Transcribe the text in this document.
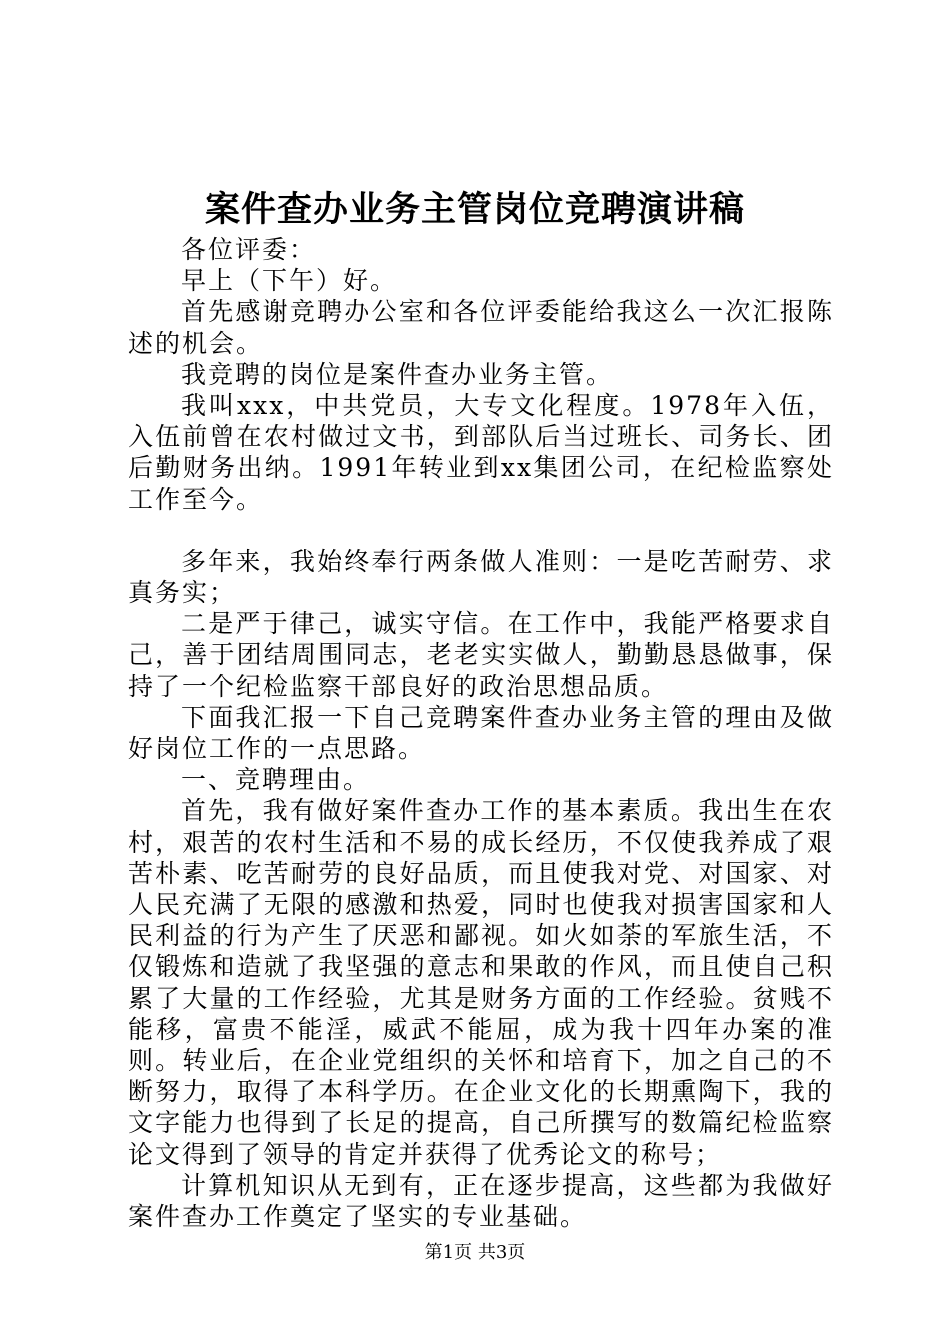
案件查办业务主管岗位竞聘演讲稿

各位评委：

早上（下午）好。

首先感谢竞聘办公室和各位评委能给我这么一次汇报陈述的机会。

我竞聘的岗位是案件查办业务主管。

我叫xxx，中共党员，大专文化程度。1978年入伍，入伍前曾在农村做过文书，到部队后当过班长、司务长、团后勤财务出纳。1991年转业到xx集团公司，在纪检监察处工作至今。

多年来，我始终奉行两条做人准则：一是吃苦耐劳、求真务实；

二是严于律己，诚实守信。在工作中，我能严格要求自己，善于团结周围同志，老老实实做人，勤勤恳恳做事，保持了一个纪检监察干部良好的政治思想品质。

下面我汇报一下自己竞聘案件查办业务主管的理由及做好岗位工作的一点思路。

一、竞聘理由。

首先，我有做好案件查办工作的基本素质。我出生在农村，艰苦的农村生活和不易的成长经历，不仅使我养成了艰苦朴素、吃苦耐劳的良好品质，而且使我对党、对国家、对人民充满了无限的感激和热爱，同时也使我对损害国家和人民利益的行为产生了厌恶和鄙视。如火如荼的军旅生活，不仅锻炼和造就了我坚强的意志和果敢的作风，而且使自己积累了大量的工作经验，尤其是财务方面的工作经验。贫贱不能移，富贵不能淫，威武不能屈，成为我十四年办案的准则。转业后，在企业党组织的关怀和培育下，加之自己的不断努力，取得了本科学历。在企业文化的长期熏陶下，我的文字能力也得到了长足的提高，自己所撰写的数篇纪检监察论文得到了领导的肯定并获得了优秀论文的称号；

计算机知识从无到有，正在逐步提高，这些都为我做好案件查办工作奠定了坚实的专业基础。

第1页 共3页
